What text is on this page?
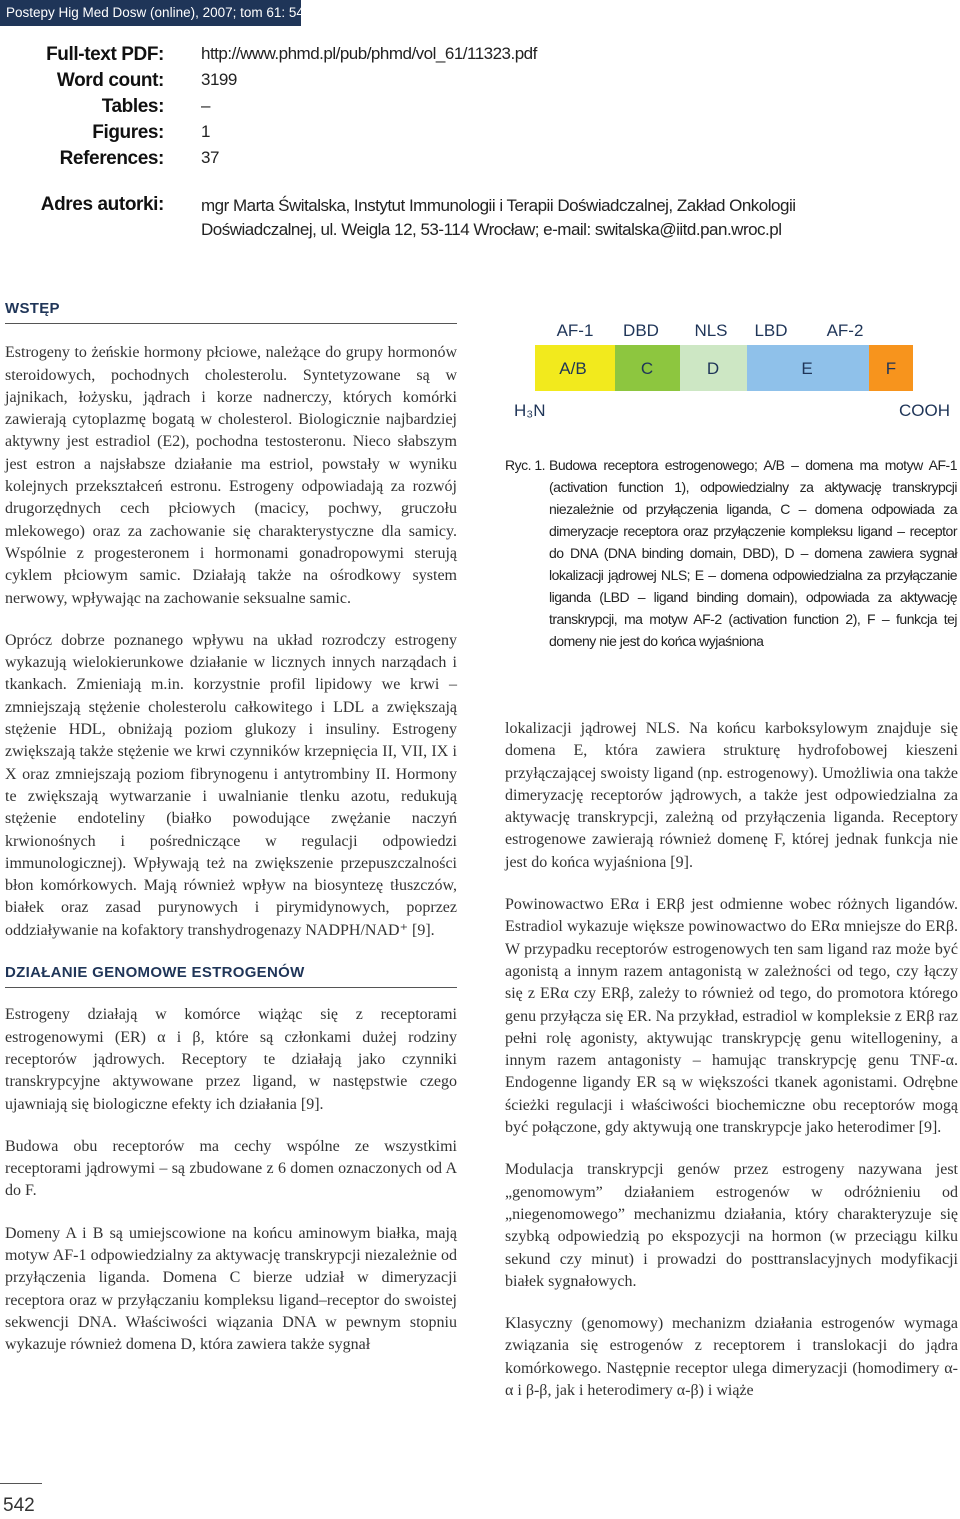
Postepy Hig Med Dosw (online), 2007; tom 61: 541-547
Full-text PDF: http://www.phmd.pl/pub/phmd/vol_61/11323.pdf
Word count: 3199
Tables: –
Figures: 1
References: 37
Adres autorki: mgr Marta Świtalska, Instytut Immunologii i Terapii Doświadczalnej, Zakład Onkologii Doświadczalnej, ul. Weigla 12, 53-114 Wrocław; e-mail: switalska@iitd.pan.wroc.pl
WSTĘP

Estrogeny to żeńskie hormony płciowe, należące do grupy hormonów steroidowych, pochodnych cholesterolu. Syntetyzowane są w jajnikach, łożysku, jądrach i korze nadnerczy, których komórki zawierają cytoplazmę bogatą w cholesterol. Biologicznie najbardziej aktywny jest estradiol (E2), pochodna testosteronu. Nieco słabszym jest estron a najsłabsze działanie ma estriol, powstały w wyniku kolejnych przekształceń estronu. Estrogeny odpowiadają za rozwój drugorzędnych cech płciowych (macicy, pochwy, gruczołu mlekowego) oraz za zachowanie się charakterystyczne dla samicy. Wspólnie z progesteronem i hormonami gonadropowymi sterują cyklem płciowym samic. Działają także na ośrodkowy system nerwowy, wpływając na zachowanie seksualne samic.

Oprócz dobrze poznanego wpływu na układ rozrodczy estrogeny wykazują wielokierunkowe działanie w licznych innych narządach i tkankach. Zmieniają m.in. korzystnie profil lipidowy we krwi – zmniejszają stężenie cholesterolu całkowitego i LDL a zwiększają stężenie HDL, obniżają poziom glukozy i insuliny. Estrogeny zwiększają także stężenie we krwi czynników krzepnięcia II, VII, IX i X oraz zmniejszają poziom fibrynogenu i antytrombiny II. Hormony te zwiększają wytwarzanie i uwalnianie tlenku azotu, redukują stężenie endoteliny (białko powodujące zwężanie naczyń krwionośnych i pośredniczące w regulacji odpowiedzi immunologicznej). Wpływają też na zwiększenie przepuszczalności błon komórkowych. Mają również wpływ na biosyntezę tłuszczów, białek oraz zasad purynowych i pirymidynowych, poprzez oddziaływanie na kofaktory transhydrogenazy NADPH/NAD⁺ [9].

DZIAŁANIE GENOMOWE ESTROGENÓW

Estrogeny działają w komórce wiążąc się z receptorami estrogenowymi (ER) α i β, które są członkami dużej rodziny receptorów jądrowych. Receptory te działają jako czynniki transkrypcyjne aktywowane przez ligand, w następstwie czego ujawniają się biologiczne efekty ich działania [9].

Budowa obu receptorów ma cechy wspólne ze wszystkimi receptorami jądrowymi – są zbudowane z 6 domen oznaczonych od A do F.

Domeny A i B są umiejscowione na końcu aminowym białka, mają motyw AF-1 odpowiedzialny za aktywację transkrypcji niezależnie od przyłączenia liganda. Domena C bierze udział w dimeryzacji receptora oraz w przyłączaniu kompleksu ligand–receptor do swoistej sekwencji DNA. Właściwości wiązania DNA w pewnym stopniu wykazuje również domena D, która zawiera także sygnał

AF-1 DBD NLS LBD AF-2
A/B	C	D	E	F
H₃N	COOH
Ryc. 1. Budowa receptora estrogenowego; A/B – domena ma motyw AF-1 (activation function 1), odpowiedzialny za aktywację transkrypcji niezależnie od przyłączenia liganda, C – domena odpowiada za dimeryzacje receptora oraz przyłączenie kompleksu ligand – receptor do DNA (DNA binding domain, DBD), D – domena zawiera sygnał lokalizacji jądrowej NLS; E – domena odpowiedzialna za przyłączanie liganda (LBD – ligand binding domain), odpowiada za aktywację transkrypcji, ma motyw AF-2 (activation function 2), F – funkcja tej domeny nie jest do końca wyjaśniona

lokalizacji jądrowej NLS. Na końcu karboksylowym znajduje się domena E, która zawiera strukturę hydrofobowej kieszeni przyłączającej swoisty ligand (np. estrogenowy). Umożliwia ona także dimeryzację receptorów jądrowych, a także jest odpowiedzialna za aktywację transkrypcji, zależną od przyłączenia liganda. Receptory estrogenowe zawierają również domenę F, której jednak funkcja nie jest do końca wyjaśniona [9].

Powinowactwo ERα i ERβ jest odmienne wobec różnych ligandów. Estradiol wykazuje większe powinowactwo do ERα mniejsze do ERβ. W przypadku receptorów estrogenowych ten sam ligand raz może być agonistą a innym razem antagonistą w zależności od tego, czy łączy się z ERα czy ERβ, zależy to również od tego, do promotora którego genu przyłącza się ER. Na przykład, estradiol w kompleksie z ERβ raz pełni rolę agonisty, aktywując transkrypcję genu witellogeniny, a innym razem antagonisty – hamując transkrypcję genu TNF-α. Endogenne ligandy ER są w większości tkanek agonistami. Odrębne ścieżki regulacji i właściwości biochemiczne obu receptorów mogą być połączone, gdy aktywują one transkrypcje jako heterodimer [9].

Modulacja transkrypcji genów przez estrogeny nazywana jest „genomowym” działaniem estrogenów w odróżnieniu od „niegenomowego” mechanizmu działania, który charakteryzuje się szybką odpowiedzią po ekspozycji na hormon (w przeciągu kilku sekund czy minut) i prowadzi do posttranslacyjnych modyfikacji białek sygnałowych.

Klasyczny (genomowy) mechanizm działania estrogenów wymaga związania się estrogenów z receptorem i translokacji do jądra komórkowego. Następnie receptor ulega dimeryzacji (homodimery α-α i β-β, jak i heterodimery α-β) i wiąże

542
